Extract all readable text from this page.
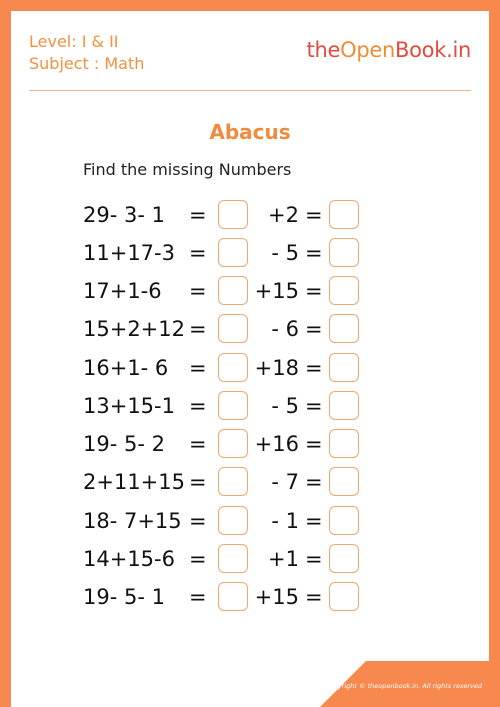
Level: I & II
Subject : Math
theOpenBook.in
Abacus
Find the missing Numbers
29- 3- 1 =	+2 =
11+17-3 =	- 5 =
17+1-6 = +15 =
15+2+12 =	- 6 =
16+1- 6 = +18 =
13+15-1 =	- 5 =
19- 5- 2 = +16 =
2+11+15 =	- 7 =
18- 7+15 =	- 1 =
14+15-6 =	+1 =
19- 5- 1 = +15 =
Copyright © theopenbook.in. All rights reserved
